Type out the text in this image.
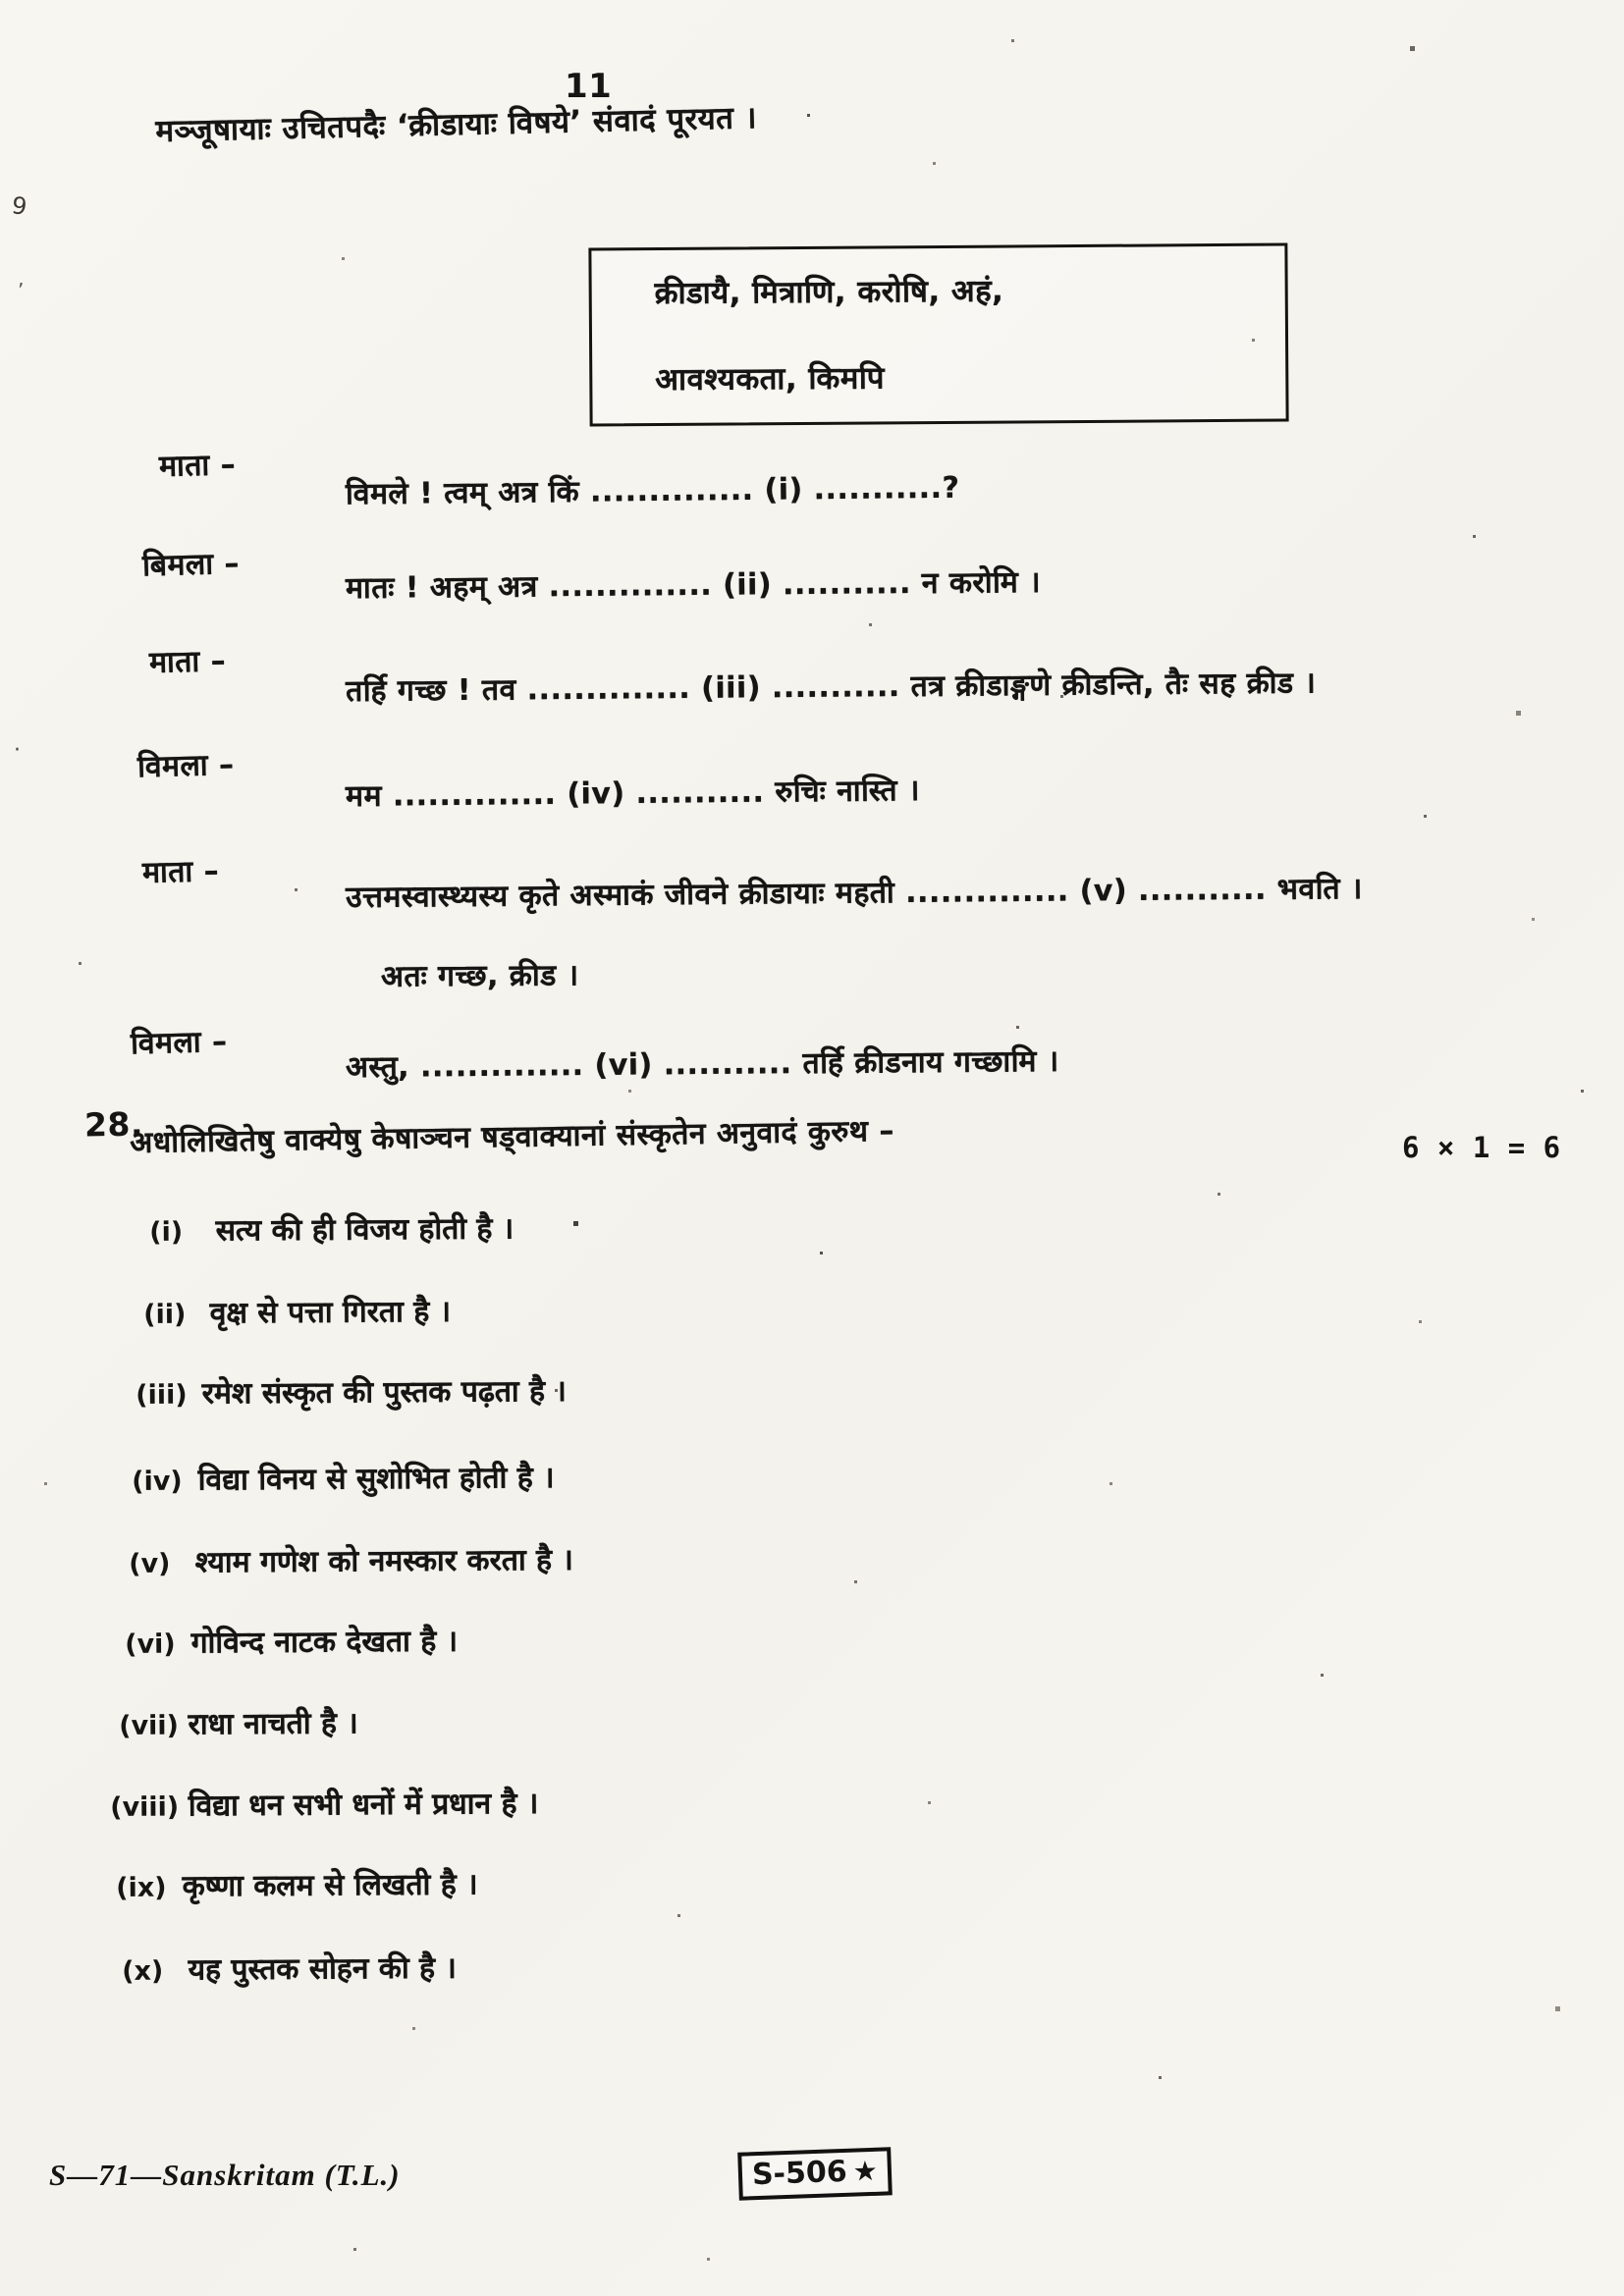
9
’
·
11
मञ्जूषायाः उचितपदैः ‘क्रीडायाः विषये’ संवादं पूरयत ।
क्रीडायै, मित्राणि, करोषि, अहं,
आवश्यकता, किमपि
माता –
विमले ! त्वम् अत्र किं .............. (i) ...........?
बिमला –
मातः ! अहम् अत्र .............. (ii) ........... न करोमि ।
माता –
तर्हि गच्छ ! तव .............. (iii) ........... तत्र क्रीडाङ्गणे क्रीडन्ति, तैः सह क्रीड ।
विमला –
मम .............. (iv) ........... रुचिः नास्ति ।
माता –	उत्तमस्वास्थ्यस्य कृते अस्माकं जीवने क्रीडायाः महती .............. (v) ........... भवति ।
अतः गच्छ, क्रीड ।
विमला –
अस्तु, .............. (vi) ........... तर्हि क्रीडनाय गच्छामि ।
28.
अधोलिखितेषु वाक्येषु केषाञ्चन षड्वाक्यानां संस्कृतेन अनुवादं कुरुथ –	6 × 1 = 6
(i) सत्य की ही विजय होती है ।
(ii) वृक्ष से पत्ता गिरता है ।
(iii) रमेश संस्कृत की पुस्तक पढ़ता है ।
(iv) विद्या विनय से सुशोभित होती है ।
(v) श्याम गणेश को नमस्कार करता है ।
(vi) गोविन्द नाटक देखता है ।
(vii) राधा नाचती है ।
(viii) विद्या धन सभी धनों में प्रधान है ।
(ix) कृष्णा कलम से लिखती है ।
(x) यह पुस्तक सोहन की है ।
S—71—Sanskritam (T.L.)	S-506 ★
